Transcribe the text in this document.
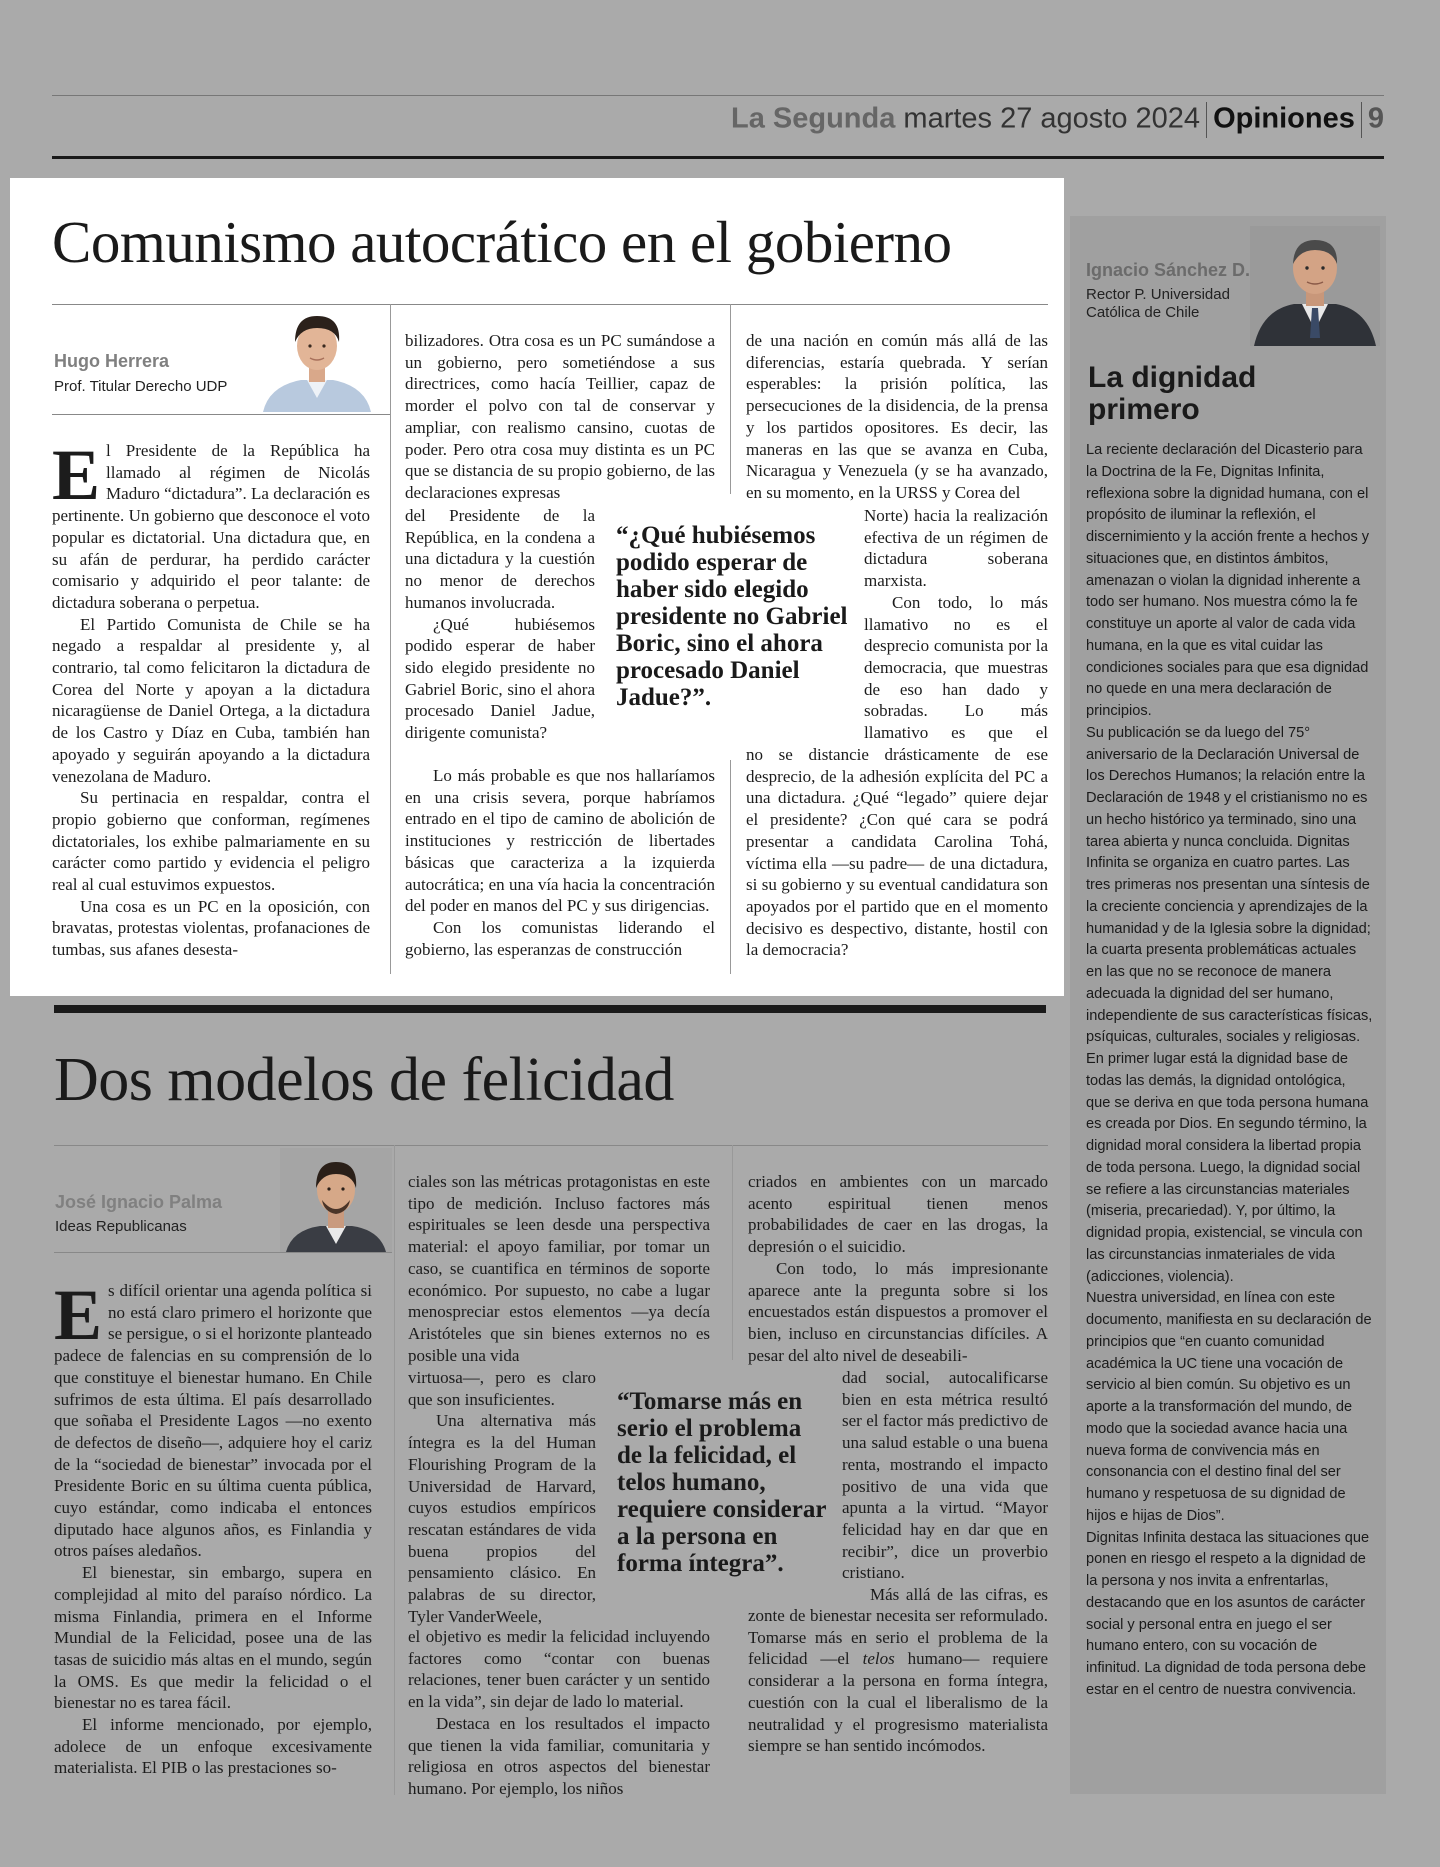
La Segunda martes 27 agosto 2024 Opiniones 9
Comunismo autocrático en el gobierno
Hugo Herrera
Prof. Titular Derecho UDP

El Presidente de la República ha llamado al régimen de Nicolás Maduro “dictadura”. La declaración es pertinente. Un gobierno que desconoce el voto popular es dictatorial. Una dictadura que, en su afán de perdurar, ha perdido carácter comisario y adquirido el peor talante: de dictadura soberana o perpetua.

El Partido Comunista de Chile se ha negado a respaldar al presidente y, al contrario, tal como felicitaron la dictadura de Corea del Norte y apoyan a la dictadura nicaragüense de Daniel Ortega, a la dictadura de los Castro y Díaz en Cuba, también han apoyado y seguirán apoyando a la dictadura venezolana de Maduro.

Su pertinacia en respaldar, contra el propio gobierno que conforman, regímenes dictatoriales, los exhibe palmariamente en su carácter como partido y evidencia el peligro real al cual estuvimos expuestos.

Una cosa es un PC en la oposición, con bravatas, protestas violentas, profanaciones de tumbas, sus afanes desesta-

bilizadores. Otra cosa es un PC sumándose a un gobierno, pero sometiéndose a sus directrices, como hacía Teillier, capaz de morder el polvo con tal de conservar y ampliar, con realismo cansino, cuotas de poder. Pero otra cosa muy distinta es un PC que se distancia de su propio gobierno, de las declaraciones expresas

del Presidente de la República, en la condena a una dictadura y la cuestión no menor de derechos humanos involucrada.

¿Qué hubiésemos podido esperar de haber sido elegido presidente no Gabriel Boric, sino el ahora procesado Daniel Jadue, dirigente comunista?

Lo más probable es que nos hallaríamos en una crisis severa, porque habríamos entrado en el tipo de camino de abolición de instituciones y restricción de libertades básicas que caracteriza a la izquierda autocrática; en una vía hacia la concentración del poder en manos del PC y sus dirigencias.

Con los comunistas liderando el gobierno, las esperanzas de construcción

“¿Qué hubiésemos podido esperar de haber sido elegido presidente no Gabriel Boric, sino el ahora procesado Daniel Jadue?”.

de una nación en común más allá de las diferencias, estaría quebrada. Y serían esperables: la prisión política, las persecuciones de la disidencia, de la prensa y los partidos opositores. Es decir, las maneras en las que se avanza en Cuba, Nicaragua y Venezuela (y se ha avanzado, en su momento, en la URSS y Corea del

Norte) hacia la realización efectiva de un régimen de dictadura soberana marxista.

Con todo, lo más llamativo no es el desprecio comunista por la democracia, que muestras de eso han dado y sobradas. Lo más llamativo es que el

no se distancie drásticamente de ese desprecio, de la adhesión explícita del PC a una dictadura. ¿Qué “legado” quiere dejar el presidente? ¿Con qué cara se podrá presentar a candidata Carolina Tohá, víctima ella —su padre— de una dictadura, si su gobierno y su eventual candidatura son apoyados por el partido que en el momento decisivo es despectivo, distante, hostil con la democracia?

Dos modelos de felicidad
José Ignacio Palma
Ideas Republicanas

Es difícil orientar una agenda política si no está claro primero el horizonte que se persigue, o si el horizonte planteado padece de falencias en su comprensión de lo que constituye el bienestar humano. En Chile sufrimos de esta última. El país desarrollado que soñaba el Presidente Lagos —no exento de defectos de diseño—, adquiere hoy el cariz de la “sociedad de bienestar” invocada por el Presidente Boric en su última cuenta pública, cuyo estándar, como indicaba el entonces diputado hace algunos años, es Finlandia y otros países aledaños.

El bienestar, sin embargo, supera en complejidad al mito del paraíso nórdico. La misma Finlandia, primera en el Informe Mundial de la Felicidad, posee una de las tasas de suicidio más altas en el mundo, según la OMS. Es que medir la felicidad o el bienestar no es tarea fácil.

El informe mencionado, por ejemplo, adolece de un enfoque excesivamente materialista. El PIB o las prestaciones so-

ciales son las métricas protagonistas en este tipo de medición. Incluso factores más espirituales se leen desde una perspectiva material: el apoyo familiar, por tomar un caso, se cuantifica en términos de soporte económico. Por supuesto, no cabe a lugar menospreciar estos elementos —ya decía Aristóteles que sin bienes externos no es posible una vida

virtuosa—, pero es claro que son insuficientes.

Una alternativa más íntegra es la del Human Flourishing Program de la Universidad de Harvard, cuyos estudios empíricos rescatan estándares de vida buena propios del pensamiento clásico. En palabras de su director, Tyler VanderWeele,

el objetivo es medir la felicidad incluyendo factores como “contar con buenas relaciones, tener buen carácter y un sentido en la vida”, sin dejar de lado lo material.

Destaca en los resultados el impacto que tienen la vida familiar, comunitaria y religiosa en otros aspectos del bienestar humano. Por ejemplo, los niños

“Tomarse más en serio el problema de la felicidad, el telos humano, requiere considerar a la persona en forma íntegra”.

criados en ambientes con un marcado acento espiritual tienen menos probabilidades de caer en las drogas, la depresión o el suicidio.

Con todo, lo más impresionante aparece ante la pregunta sobre si los encuestados están dispuestos a promover el bien, incluso en circunstancias difíciles. A pesar del alto nivel de deseabili-

dad social, autocalificarse bien en esta métrica resultó ser el factor más predictivo de una salud estable o una buena renta, mostrando el impacto positivo de una vida que apunta a la virtud. “Mayor felicidad hay en dar que en recibir”, dice un proverbio cristiano.

Más allá de las cifras, es

zonte de bienestar necesita ser reformulado. Tomarse más en serio el problema de la felicidad —el telos humano— requiere considerar a la persona en forma íntegra, cuestión con la cual el liberalismo de la neutralidad y el progresismo materialista siempre se han sentido incómodos.

Ignacio Sánchez D.
Rector P. Universidad
Católica de Chile
La dignidad
primero

La reciente declaración del Dicasterio para la Doctrina de la Fe, Dignitas Infinita, reflexiona sobre la dignidad humana, con el propósito de iluminar la reflexión, el discernimiento y la acción frente a hechos y situaciones que, en distintos ámbitos, amenazan o violan la dignidad inherente a todo ser humano. Nos muestra cómo la fe constituye un aporte al valor de cada vida humana, en la que es vital cuidar las condiciones sociales para que esa dignidad no quede en una mera declaración de principios.

Su publicación se da luego del 75° aniversario de la Declaración Universal de los Derechos Humanos; la relación entre la Declaración de 1948 y el cristianismo no es un hecho histórico ya terminado, sino una tarea abierta y nunca concluida. Dignitas Infinita se organiza en cuatro partes. Las tres primeras nos presentan una síntesis de la creciente conciencia y aprendizajes de la humanidad y de la Iglesia sobre la dignidad; la cuarta presenta problemáticas actuales en las que no se reconoce de manera adecuada la dignidad del ser humano, independiente de sus características físicas, psíquicas, culturales, sociales y religiosas.

En primer lugar está la dignidad base de todas las demás, la dignidad ontológica, que se deriva en que toda persona humana es creada por Dios. En segundo término, la dignidad moral considera la libertad propia de toda persona. Luego, la dignidad social se refiere a las circunstancias materiales (miseria, precariedad). Y, por último, la dignidad propia, existencial, se vincula con las circunstancias inmateriales de vida (adicciones, violencia).

Nuestra universidad, en línea con este documento, manifiesta en su declaración de principios que “en cuanto comunidad académica la UC tiene una vocación de servicio al bien común. Su objetivo es un aporte a la transformación del mundo, de modo que la sociedad avance hacia una nueva forma de convivencia más en consonancia con el destino final del ser humano y respetuosa de su dignidad de hijos e hijas de Dios”.

Dignitas Infinita destaca las situaciones que ponen en riesgo el respeto a la dignidad de la persona y nos invita a enfrentarlas, destacando que en los asuntos de carácter social y personal entra en juego el ser humano entero, con su vocación de infinitud. La dignidad de toda persona debe estar en el centro de nuestra convivencia.
